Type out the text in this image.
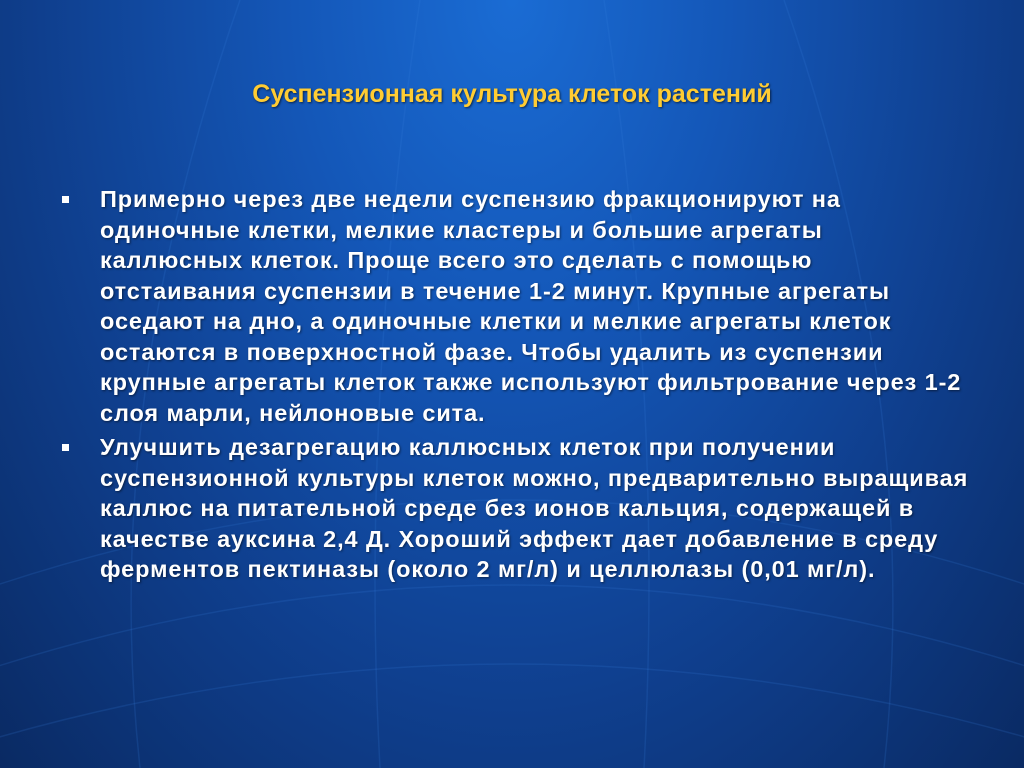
Суспензионная культура клеток растений
Примерно через две недели суспензию фракционируют на одиночные клетки, мелкие кластеры и большие агрегаты каллюсных клеток. Проще всего это сделать с помощью отстаивания суспензии в течение 1-2 минут. Крупные агрегаты оседают на дно, а одиночные клетки и мелкие агрегаты клеток остаются в поверхностной фазе. Чтобы удалить из суспензии крупные агрегаты клеток также используют фильтрование через 1-2 слоя марли, нейлоновые сита.
Улучшить дезагрегацию каллюсных клеток при получении суспензионной культуры клеток можно, предварительно выращивая каллюс на питательной среде без ионов кальция, содержащей в качестве ауксина 2,4 Д. Хороший эффект дает добавление в среду ферментов пектиназы (около 2 мг/л) и целлюлазы (0,01 мг/л).
